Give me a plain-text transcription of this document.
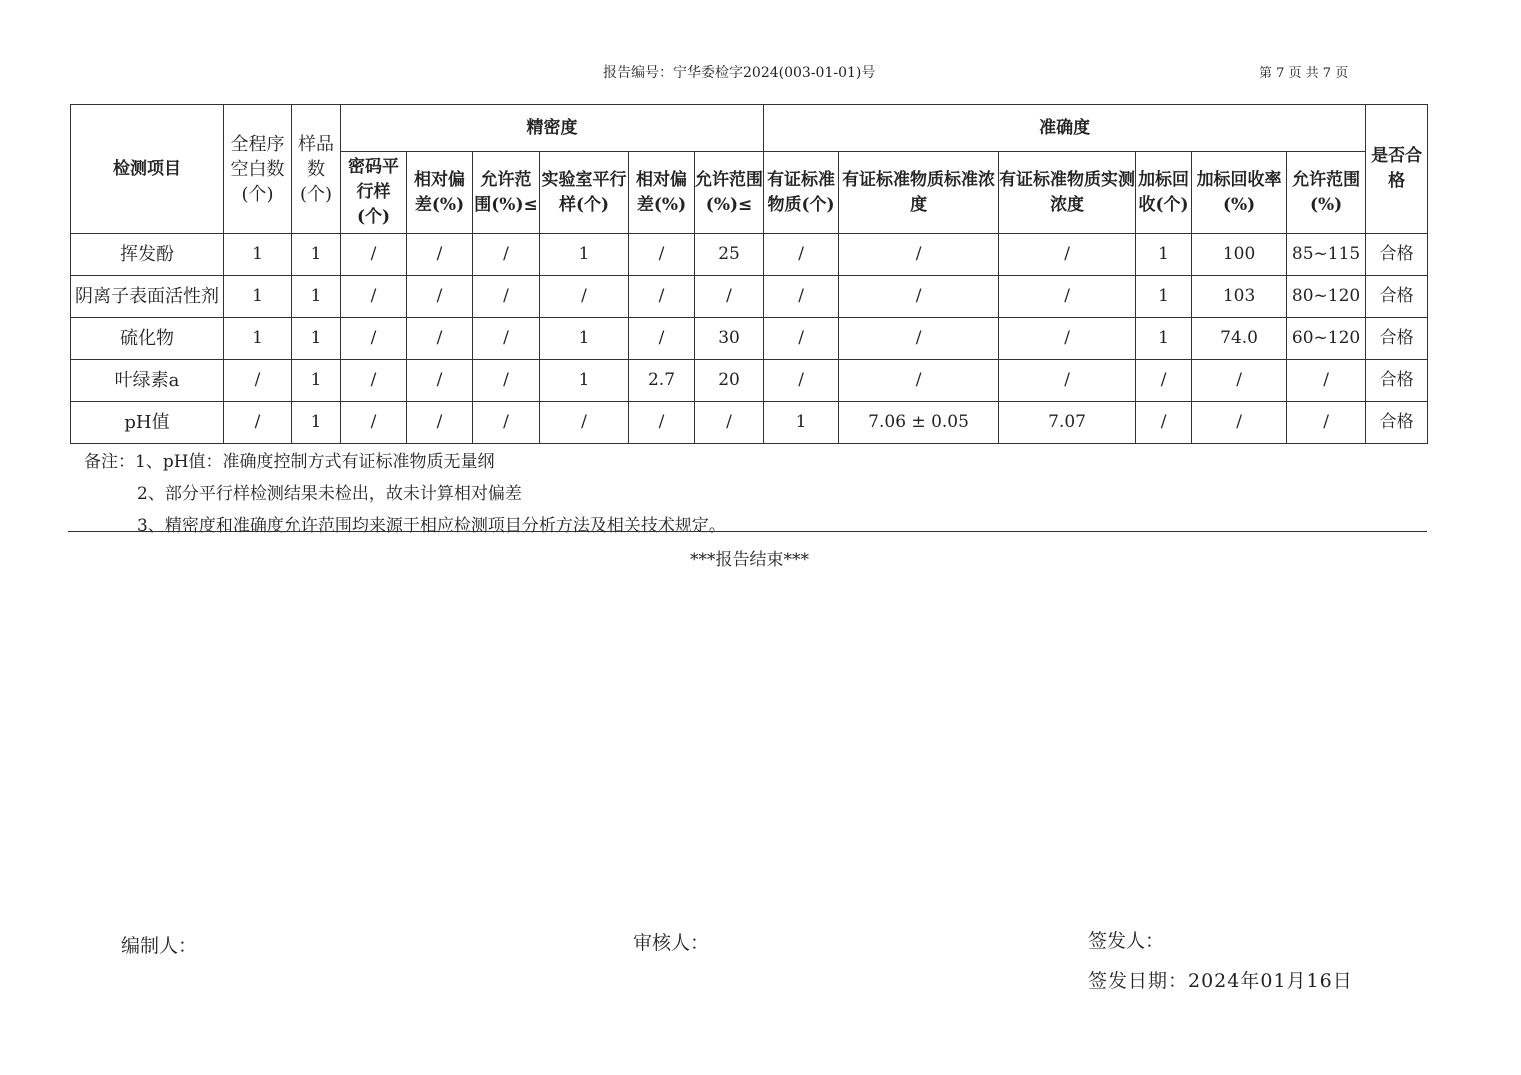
报告编号：宁华委检字2024(003-01-01)号	第 7 页 共 7 页
检测项目	全程序空白数(个)	样品数(个)	精密度						准确度						是否合格
			密码平行样(个)	相对偏差(%)	允许范围(%)≤	实验室平行样(个)	相对偏差(%)	允许范围(%)≤	有证标准物质(个)	有证标准物质标准浓度	有证标准物质实测浓度	加标回收(个)	加标回收率(%)	允许范围(%)	
挥发酚	1	1	/	/	/	1	/	25	/	/	/	1	100	85~115	合格
阴离子表面活性剂	1	1	/	/	/	/	/	/	/	/	/	1	103	80~120	合格
硫化物	1	1	/	/	/	1	/	30	/	/	/	1	74.0	60~120	合格
叶绿素a	/	1	/	/	/	1	2.7	20	/	/	/	/	/	/	合格
pH值	/	1	/	/	/	/	/	/	1	7.06 ± 0.05	7.07	/	/	/	合格
备注：1、pH值：准确度控制方式有证标准物质无量纲
2、部分平行样检测结果未检出，故未计算相对偏差
3、精密度和准确度允许范围均来源于相应检测项目分析方法及相关技术规定。
***报告结束***
编制人：	审核人：	签发人：
签发日期：2024年01月16日
